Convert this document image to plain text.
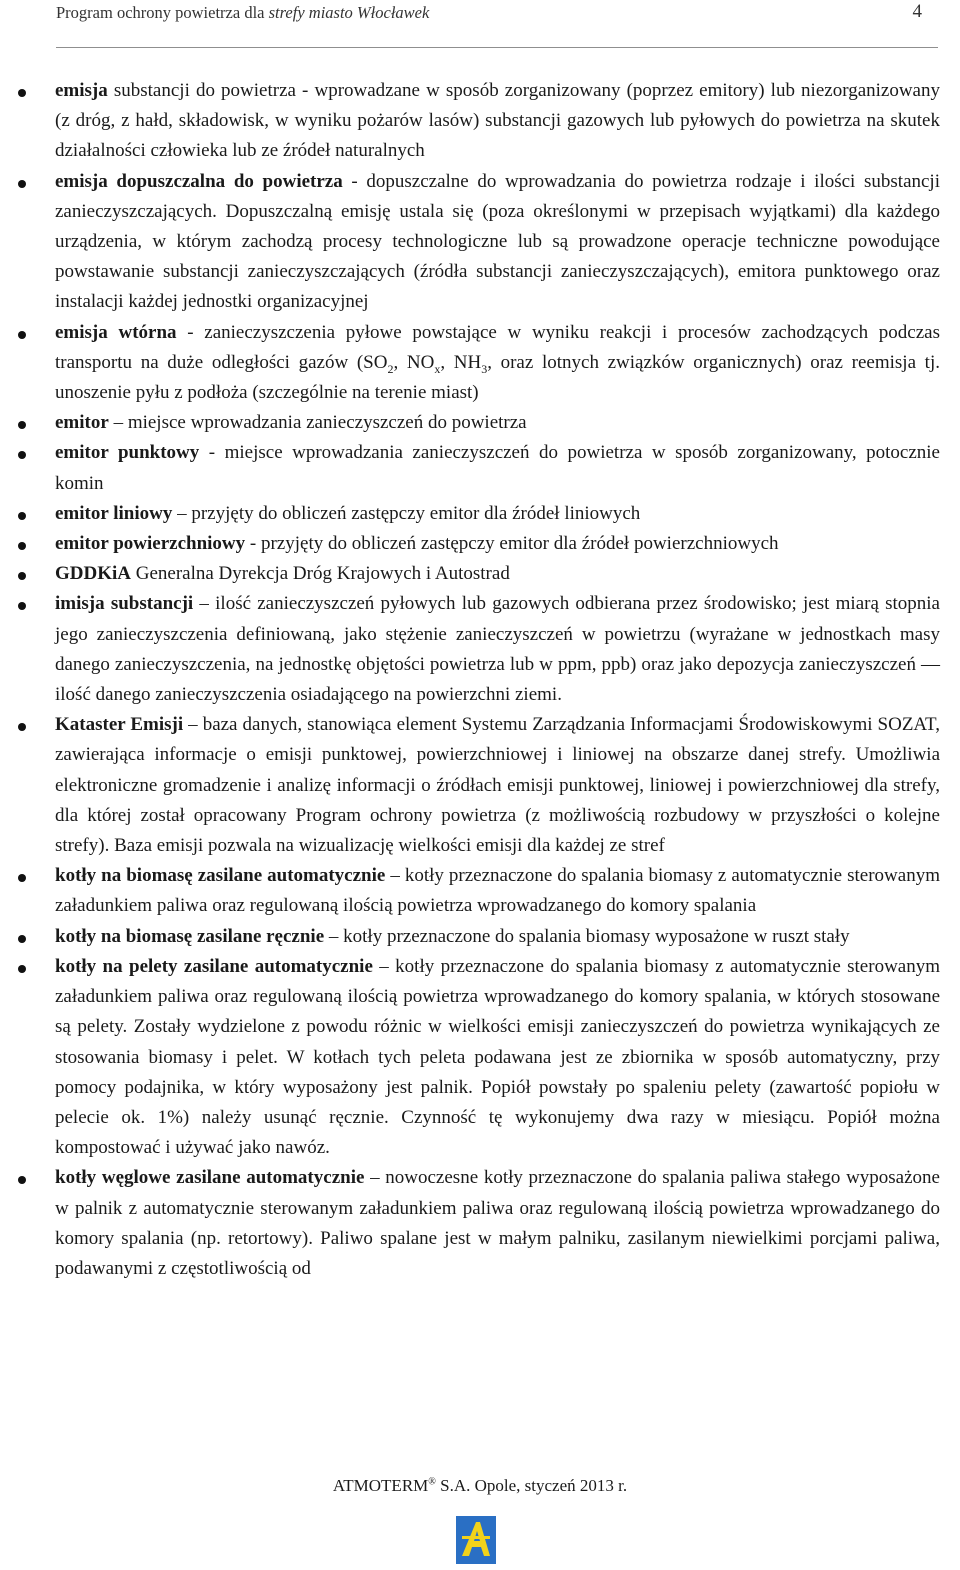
Program ochrony powietrza dla strefy miasto Włocławek	4
emisja substancji do powietrza - wprowadzane w sposób zorganizowany (poprzez emitory) lub niezorganizowany (z dróg, z hałd, składowisk, w wyniku pożarów lasów) substancji gazowych lub pyłowych do powietrza na skutek działalności człowieka lub ze źródeł naturalnych
emisja dopuszczalna do powietrza - dopuszczalne do wprowadzania do powietrza rodzaje i ilości substancji zanieczyszczających. Dopuszczalną emisję ustala się (poza określonymi w przepisach wyjątkami) dla każdego urządzenia, w którym zachodzą procesy technologiczne lub są prowadzone operacje techniczne powodujące powstawanie substancji zanieczyszczających (źródła substancji zanieczyszczających), emitora punktowego oraz instalacji każdej jednostki organizacyjnej
emisja wtórna - zanieczyszczenia pyłowe powstające w wyniku reakcji i procesów zachodzących podczas transportu na duże odległości gazów ($SO_2$, $NO_x$, $NH_3$, oraz lotnych związków organicznych) oraz reemisja tj. unoszenie pyłu z podłoża (szczególnie na terenie miast)
emitor – miejsce wprowadzania zanieczyszczeń do powietrza
emitor punktowy - miejsce wprowadzania zanieczyszczeń do powietrza w sposób zorganizowany, potocznie komin
emitor liniowy – przyjęty do obliczeń zastępczy emitor dla źródeł liniowych
emitor powierzchniowy - przyjęty do obliczeń zastępczy emitor dla źródeł powierzchniowych
GDDKiA Generalna Dyrekcja Dróg Krajowych i Autostrad
imisja substancji – ilość zanieczyszczeń pyłowych lub gazowych odbierana przez środowisko; jest miarą stopnia jego zanieczyszczenia definiowaną, jako stężenie zanieczyszczeń w powietrzu (wyrażane w jednostkach masy danego zanieczyszczenia, na jednostkę objętości powietrza lub w ppm, ppb) oraz jako depozycja zanieczyszczeń — ilość danego zanieczyszczenia osiadającego na powierzchni ziemi.
Kataster Emisji – baza danych, stanowiąca element Systemu Zarządzania Informacjami Środowiskowymi SOZAT, zawierająca informacje o emisji punktowej, powierzchniowej i liniowej na obszarze danej strefy. Umożliwia elektroniczne gromadzenie i analizę informacji o źródłach emisji punktowej, liniowej i powierzchniowej dla strefy, dla której został opracowany Program ochrony powietrza (z możliwością rozbudowy w przyszłości o kolejne strefy). Baza emisji pozwala na wizualizację wielkości emisji dla każdej ze stref
kotły na biomasę zasilane automatycznie – kotły przeznaczone do spalania biomasy z automatycznie sterowanym załadunkiem paliwa oraz regulowaną ilością powietrza wprowadzanego do komory spalania
kotły na biomasę zasilane ręcznie – kotły przeznaczone do spalania biomasy wyposażone w ruszt stały
kotły na pelety zasilane automatycznie – kotły przeznaczone do spalania biomasy z automatycznie sterowanym załadunkiem paliwa oraz regulowaną ilością powietrza wprowadzanego do komory spalania, w których stosowane są pelety. Zostały wydzielone z powodu różnic w wielkości emisji zanieczyszczeń do powietrza wynikających ze stosowania biomasy i pelet. W kotłach tych peleta podawana jest ze zbiornika w sposób automatyczny, przy pomocy podajnika, w który wyposażony jest palnik. Popiół powstały po spaleniu pelety (zawartość popiołu w pelecie ok. 1%) należy usunąć ręcznie. Czynność tę wykonujemy dwa razy w miesiącu. Popiół można kompostować i używać jako nawóz.
kotły węglowe zasilane automatycznie – nowoczesne kotły przeznaczone do spalania paliwa stałego wyposażone w palnik z automatycznie sterowanym załadunkiem paliwa oraz regulowaną ilością powietrza wprowadzanego do komory spalania (np. retortowy). Paliwo spalane jest w małym palniku, zasilanym niewielkimi porcjami paliwa, podawanymi z częstotliwością od
ATMOTERM® S.A. Opole, styczeń 2013 r.
